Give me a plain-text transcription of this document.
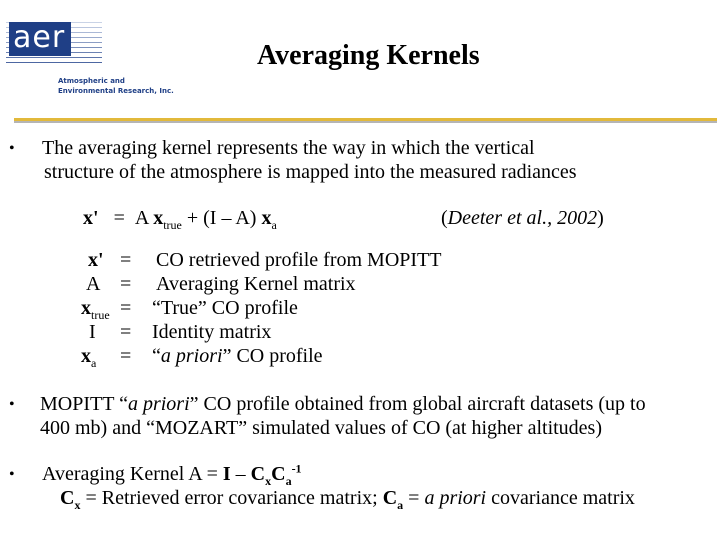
aer
Atmospheric and
Environmental Research, Inc.
Averaging Kernels
• The averaging kernel represents the way in which the vertical
structure of the atmosphere is mapped into the measured radiances
x' = A $x_{true} + (I - A)$ $x_a$	(Deeter et al., 2002)
x'
A
$x_{true}$
I
$x_a$
=
=
=
=
=
CO retrieved profile from MOPITT
Averaging Kernel matrix
“True” CO profile
Identity matrix
“a priori” CO profile
• MOPITT “a priori” CO profile obtained from global aircraft datasets (up to
400 mb) and “MOZART” simulated values of CO (at higher altitudes)
• Averaging Kernel $A = I - C_xC_a^{-1}$
$C_x$ = Retrieved error covariance matrix; $C_a = a$ priori covariance matrix
